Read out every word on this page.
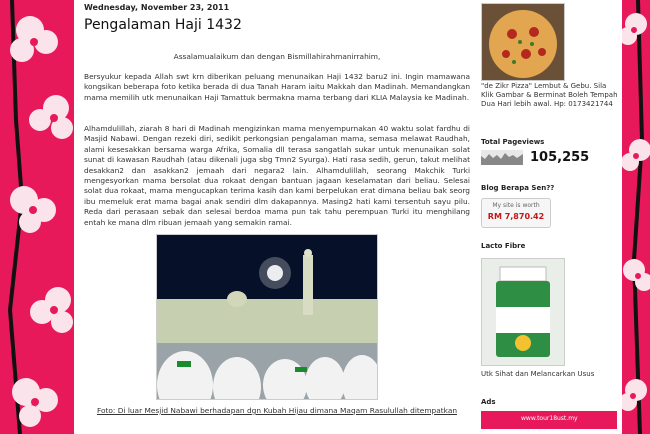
Wednesday, November 23, 2011
Pengalaman Haji 1432

Assalamualaikum dan dengan Bismillahirahmanirrahim,

Bersyukur kepada Allah swt krn diberikan peluang menunaikan Haji 1432 baru2 ini. Ingin mamawana kongsikan beberapa foto ketika berada di dua Tanah Haram iaitu Makkah dan Madinah. Memandangkan mama memilih utk menunaikan Haji Tamattuk bermakna mama terbang dari KLIA Malaysia ke Madinah.

Alhamdulillah, ziarah 8 hari di Madinah mengizinkan mama menyempurnakan 40 waktu solat fardhu di Masjid Nabawi. Dengan rezeki diri, sedikit perkongsian pengalaman mama, semasa melawat Raudhah, alami kesesakkan bersama warga Afrika, Somalia dll terasa sangatlah sukar untuk menunaikan solat sunat di kawasan Raudhah (atau dikenali juga sbg Tmn2 Syurga). Hati rasa sedih, gerun, takut melihat desakkan2 dan asakkan2 jemaah dari negara2 lain. Alhamdulillah, seorang Makchik Turki mengesyorkan mama bersolat dua rokaat dengan bantuan jagaan keselamatan dari beliau. Selesai solat dua rokaat, mama mengucapkan terima kasih dan kami berpelukan erat dimana beliau bak seorg ibu memeluk erat mama bagai anak sendiri dlm dakapannya. Masing2 hati kami tersentuh sayu pilu. Reda dari perasaan sebak dan selesai berdoa mama pun tak tahu perempuan Turki itu menghilang entah ke mana dlm ribuan jemaah yang semakin ramai.

Foto: Di luar Mesjid Nabawi berhadapan dgn Kubah Hijau dimana Maqam Rasulullah ditempatkan

"de Zikr Pizza" Lembut & Gebu. Sila Klik Gambar & Berminat Boleh Tempah Dua Hari lebih awal. Hp: 0173421744

Total Pageviews
105,255
Blog Berapa Sen??
My site is worth
RM 7,870.42
Lacto Fibre

Utk Sihat dan Melancarkan Usus

Ads
www.tour18ust.my
